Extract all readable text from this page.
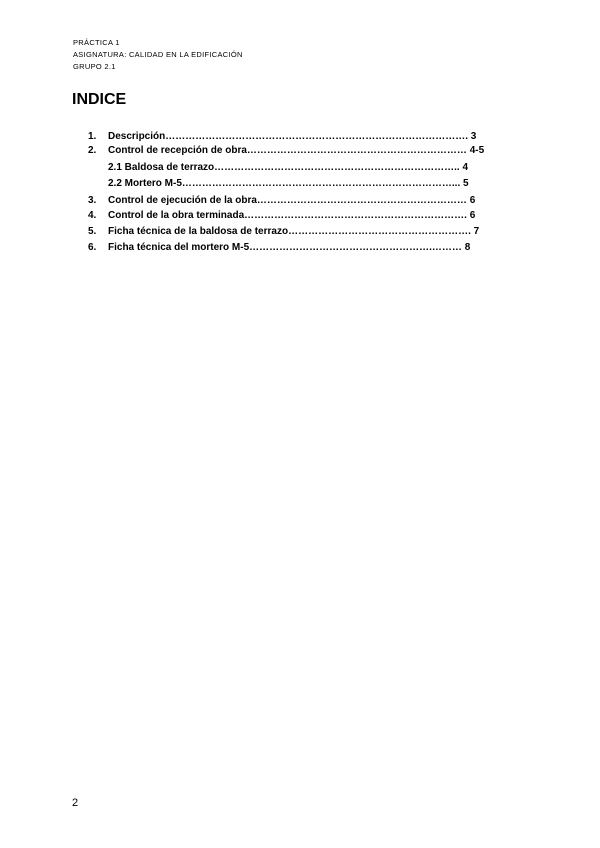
PRÁCTICA 1
ASIGNATURA: CALIDAD EN LA EDIFICACIÓN
GRUPO 2.1
INDICE
1. Descripción………………………………………………………………………………. 3
2. Control de recepción de obra………………………………………………………… 4-5
2.1 Baldosa de terrazo……………………………………………………………….. 4
2.2 Mortero M-5………………………………………………………………………... 5
3. Control de ejecución de la obra……………………………………………………… 6
4. Control de la obra terminada…………………………………………………………. 6
5. Ficha técnica de la baldosa de terrazo………………………………………………. 7
6. Ficha técnica del mortero M-5……………………………………………….……… 8
2
